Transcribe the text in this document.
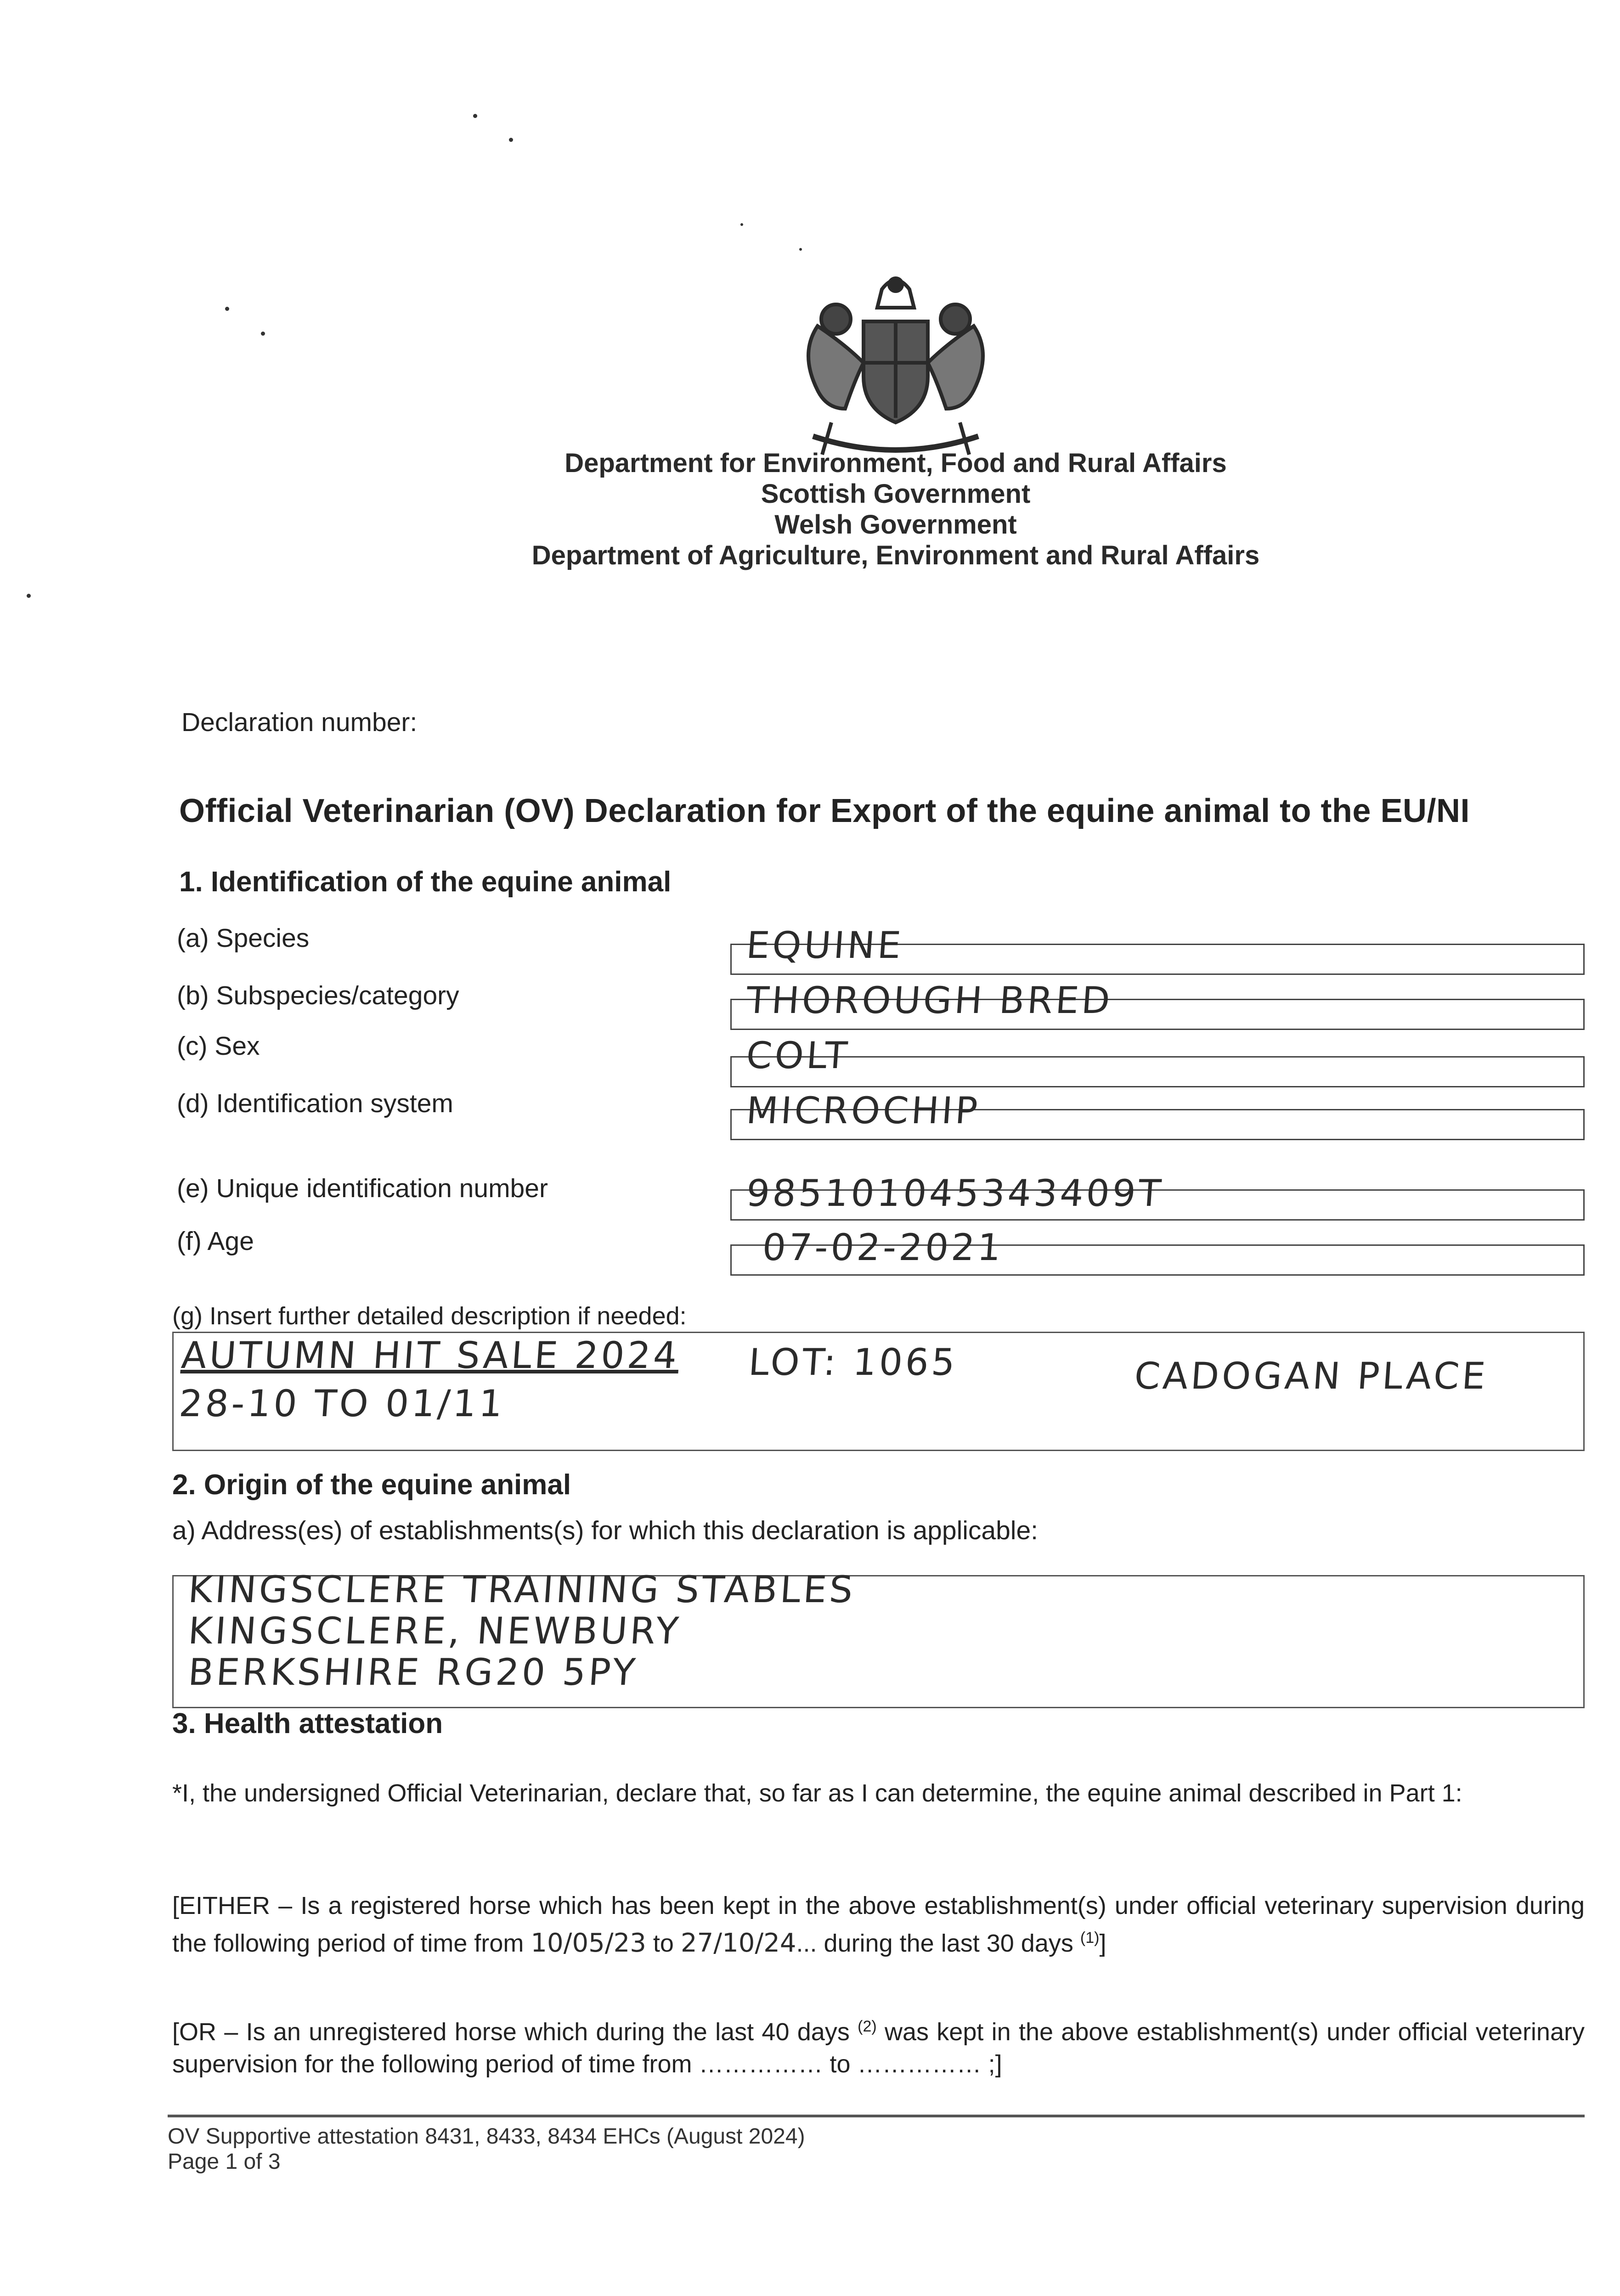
Department for Environment, Food and Rural Affairs
Scottish Government
Welsh Government
Department of Agriculture, Environment and Rural Affairs
Declaration number:
Official Veterinarian (OV) Declaration for Export of the equine animal to the EU/NI
1. Identification of the equine animal
(a) Species	EQUINE
(b) Subspecies/category	THOROUGH BRED
(c) Sex	COLT
(d) Identification system	MICROCHIP
(e) Unique identification number	985101045343409T
(f) Age	07-02-2021
(g) Insert further detailed description if needed:
AUTUMN HIT SALE 2024 LOT: 1065	CADOGAN PLACE
28-10 TO 01/11
2. Origin of the equine animal
a) Address(es) of establishments(s) for which this declaration is applicable:
KINGSCLERE TRAINING STABLES
KINGSCLERE, NEWBURY
BERKSHIRE RG20 5PY
3. Health attestation
*I, the undersigned Official Veterinarian, declare that, so far as I can determine, the equine animal described in Part 1:
[EITHER – Is a registered horse which has been kept in the above establishment(s) under official veterinary supervision during the following period of time from 10/05/23 to 27/10/24... during the last 30 days $^{(1)}$]
[OR – Is an unregistered horse which during the last 40 days $^{(2)}$ was kept in the above establishment(s) under official veterinary supervision for the following period of time from …………… to …………… ;]
OV Supportive attestation 8431, 8433, 8434 EHCs (August 2024)
Page 1 of 3
